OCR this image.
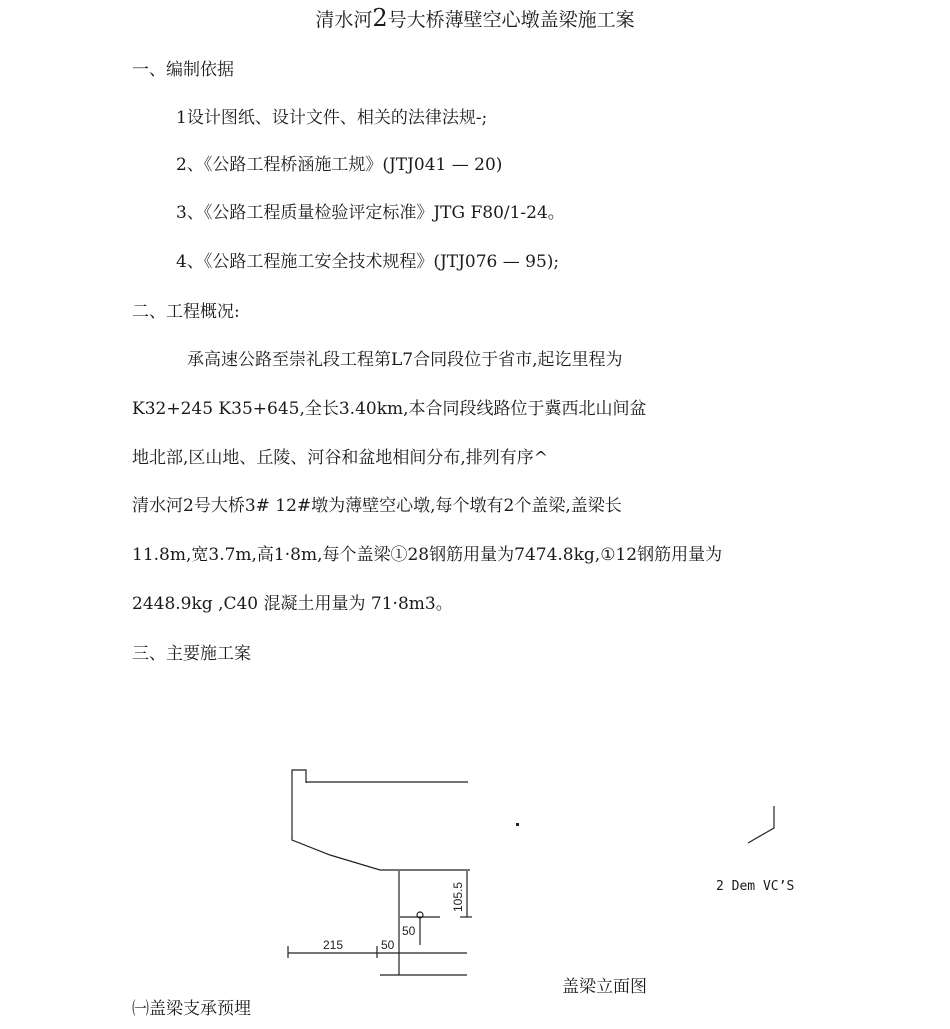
清水河2号大桥薄壁空心墩盖梁施工案
一、编制依据
1设计图纸、设计文件、相关的法律法规-;
2、《公路工程桥涵施工规》(JTJ041 — 20)
3、《公路工程质量检验评定标准》JTG F80/1-24。
4、《公路工程施工安全技术规程》(JTJ076 — 95);
二、工程概况:
承高速公路至崇礼段工程第L7合同段位于省市,起讫里程为
K32+245 K35+645,全长3.40km,本合同段线路位于冀西北山间盆
地北部,区山地、丘陵、河谷和盆地相间分布,排列有序^
清水河2号大桥3# 12#墩为薄壁空心墩,每个墩有2个盖梁,盖梁长
11.8m,宽3.7m,高1·8m,每个盖梁①28钢筋用量为7474.8kg,①12钢筋用量为
2448.9kg ,C40 混凝土用量为 71·8m3。
三、主要施工案
215	50
50
105.5	2 Dem VC’S
盖梁立面图
㈠盖梁支承预埋
